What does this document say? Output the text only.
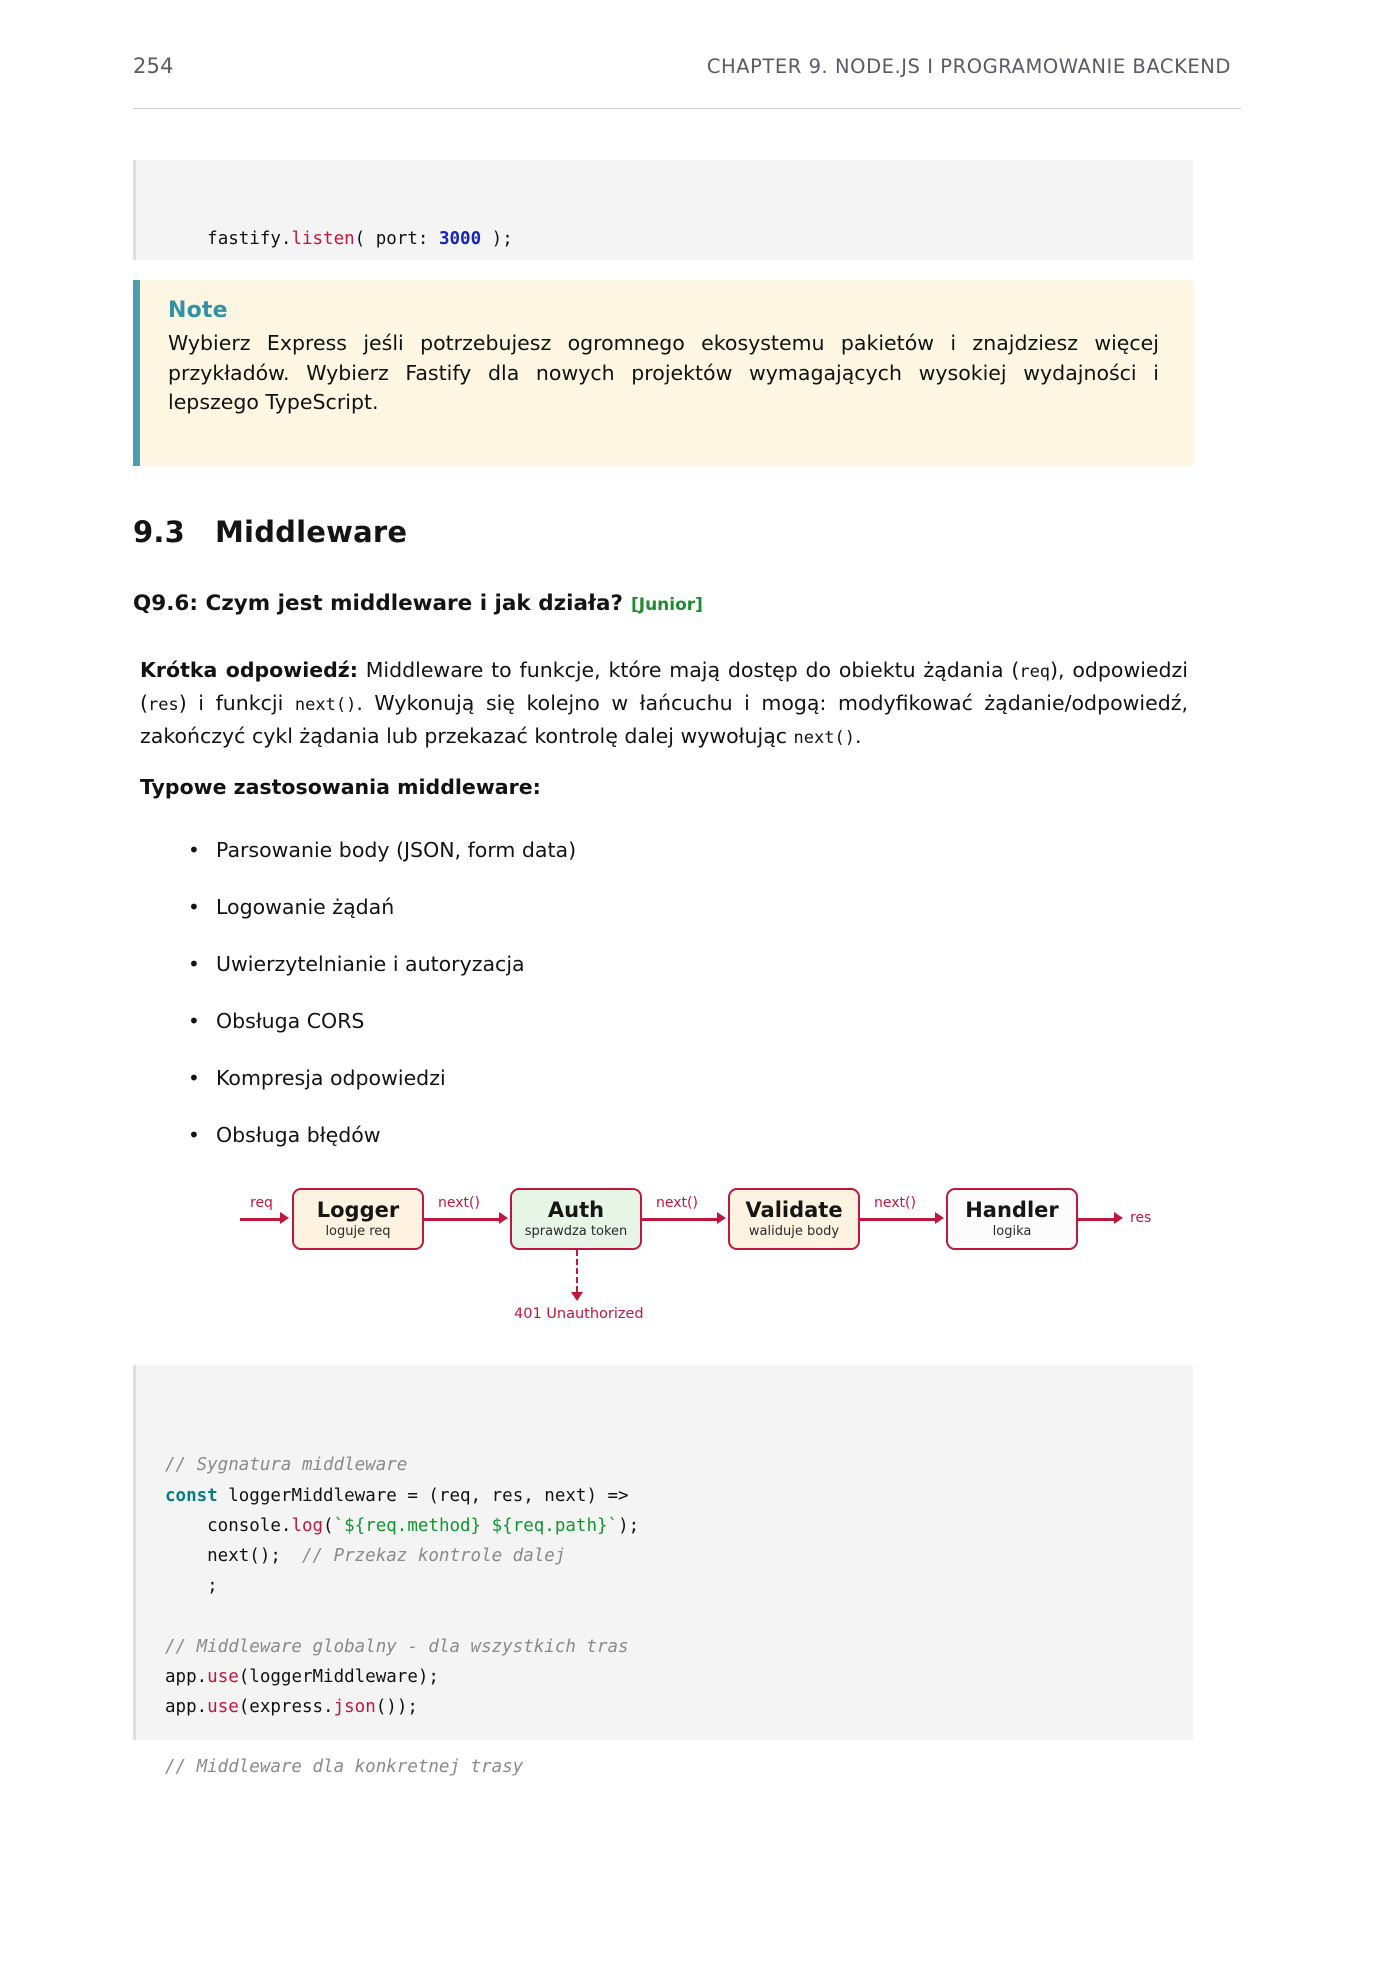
254	CHAPTER 9. NODE.JS I PROGRAMOWANIE BACKEND

fastify.listen( port: 3000 );

Note
Wybierz Express jeśli potrzebujesz ogromnego ekosystemu pakietów i znajdziesz więcej przykładów. Wybierz Fastify dla nowych projektów wymagających wysokiej wydajności i lepszego TypeScript.
9.3 Middleware
Q9.6: Czym jest middleware i jak działa? [Junior]
Krótka odpowiedź: Middleware to funkcje, które mają dostęp do obiektu żądania (req), odpowiedzi (res) i funkcji next(). Wykonują się kolejno w łańcuchu i mogą: modyfikować żądanie/odpowiedź, zakończyć cykl żądania lub przekazać kontrolę dalej wywołując next().
Typowe zastosowania middleware:
• Parsowanie body (JSON, form data)
• Logowanie żądań
• Uwierzytelnianie i autoryzacja
• Obsługa CORS
• Kompresja odpowiedzi
• Obsługa błędów
req Logger
loguje req
next()	Auth
sprawdza token
next() Validate
waliduje body
next() Handler
logika
res
401 Unauthorized

// Sygnatura middleware
const loggerMiddleware = (req, res, next) =>
console.log(`${req.method} ${req.path}`);
next();  // Przekaz kontrole dalej
;

// Middleware globalny - dla wszystkich tras
app.use(loggerMiddleware);
app.use(express.json());

// Middleware dla konkretnej trasy
